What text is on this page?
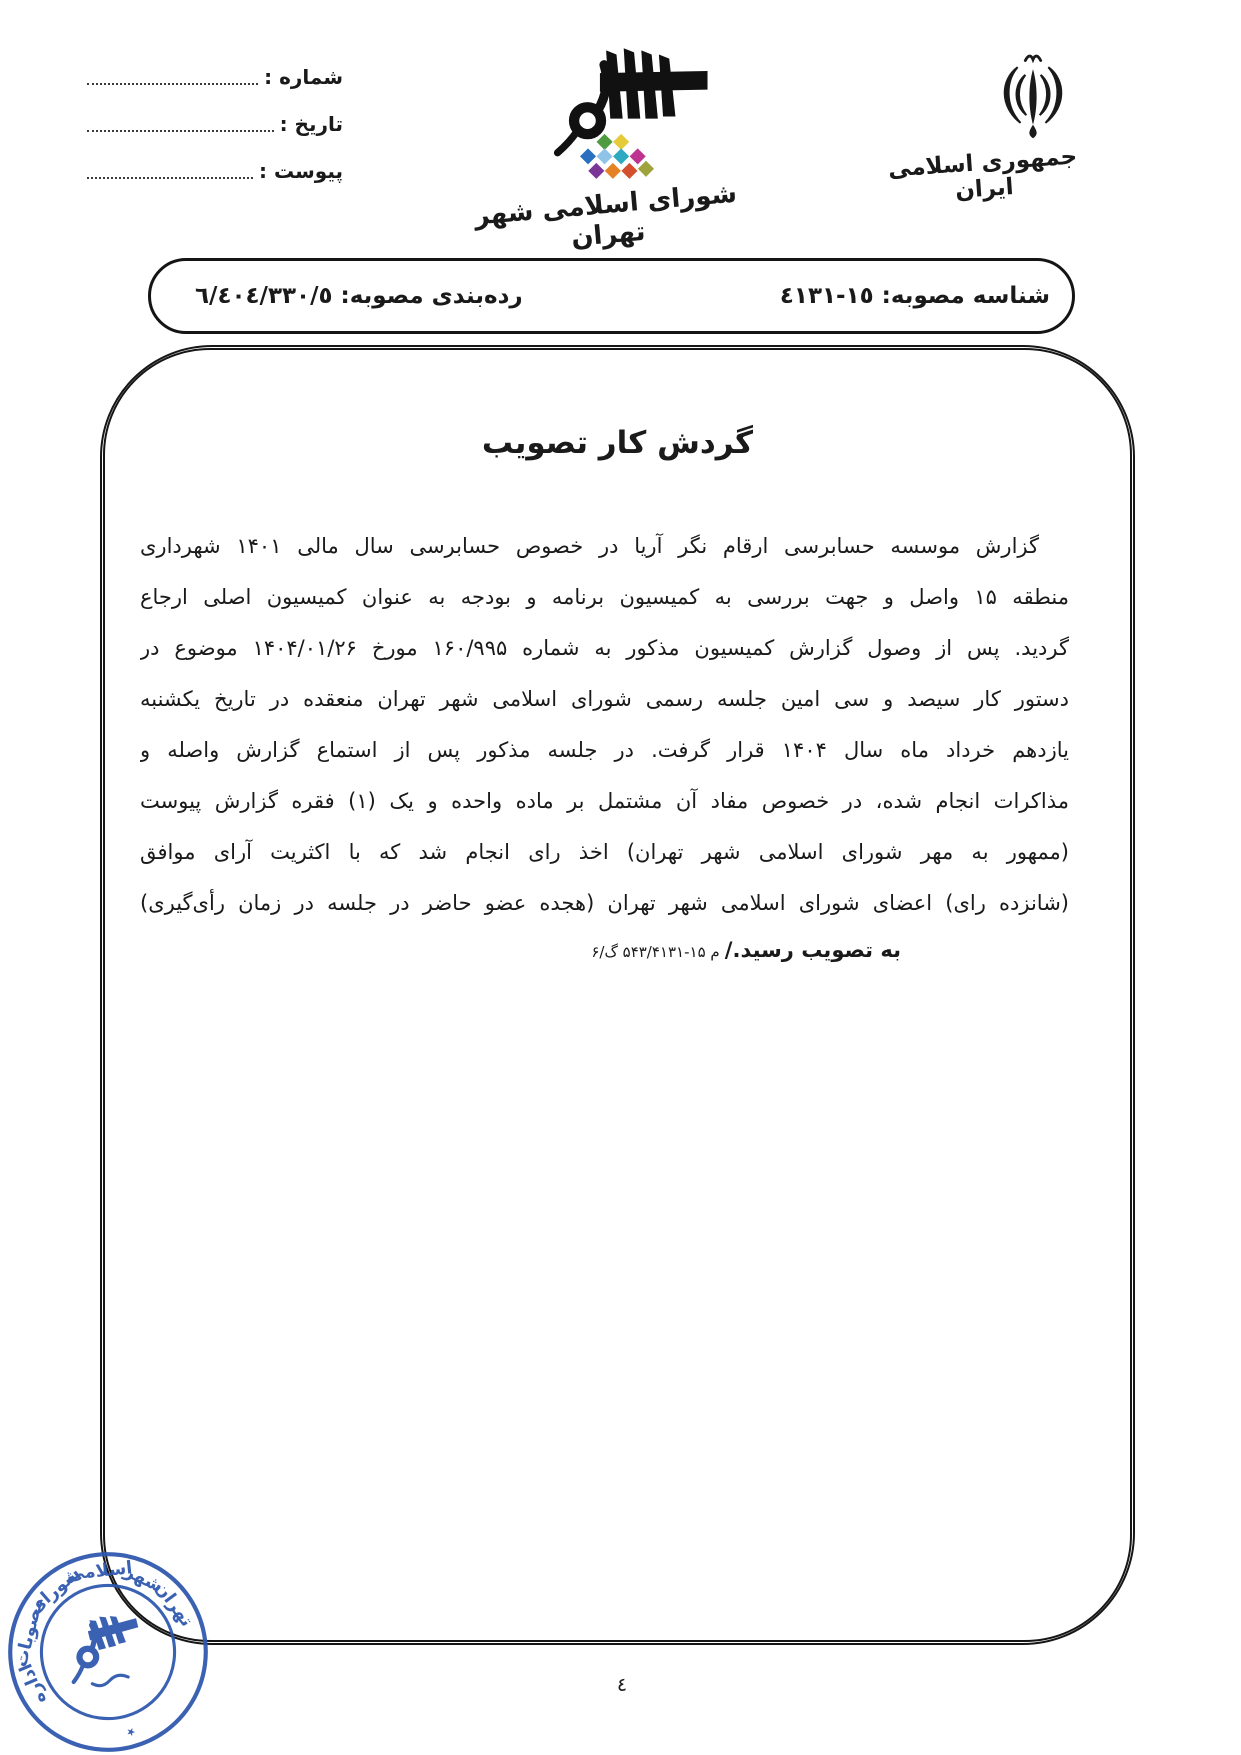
شماره :
تاریخ :
پیوست :
شورای اسلامی شهر تهران
جمهوری اسلامی ایران
شناسه مصوبه: ١٥-٤١٣١
رده‌بندی مصوبه: ٦/٤٠٤/٣٣٠/٥
گردش کار تصویب
گزارش موسسه حسابرسی ارقام نگر آریا در خصوص حسابرسی سال مالی ۱۴۰۱ شهرداری
منطقه ۱۵ واصل و جهت بررسی به کمیسیون برنامه و بودجه به عنوان کمیسیون اصلی ارجاع
گردید. پس از وصول گزارش کمیسیون مذکور به شماره ۱۶۰/۹۹۵ مورخ ۱۴۰۴/۰۱/۲۶ موضوع در
دستور کار سیصد و سی امین جلسه رسمی شورای اسلامی شهر تهران منعقده در تاریخ یکشنبه
یازدهم خرداد ماه سال ۱۴۰۴ قرار گرفت. در جلسه مذکور پس از استماع گزارش واصله و
مذاکرات انجام شده، در خصوص مفاد آن مشتمل بر ماده واحده و یک (۱) فقره گزارش پیوست
(ممهور به مهر شورای اسلامی شهر تهران) اخذ رای انجام شد که با اکثریت آرای موافق
(شانزده رای) اعضای شورای اسلامی شهر تهران (هجده عضو حاضر در جلسه در زمان رأی‌گیری)
به تصویب رسید./ م ۱۵-۵۴۳/۴۱۳۱ گ/۶
اداره
مصوبات
شورای
اسلامی
شهر
تهران
٭
٤
